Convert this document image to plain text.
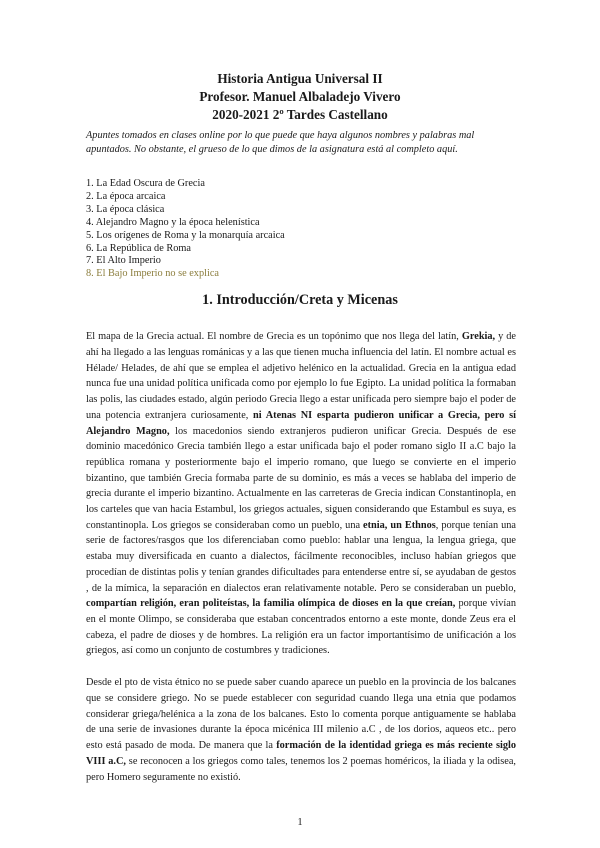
Historia Antigua Universal II
Profesor. Manuel Albaladejo Vivero
2020-2021 2º Tardes Castellano
Apuntes tomados en clases online por lo que puede que haya algunos nombres y palabras mal apuntados. No obstante, el grueso de lo que dimos de la asignatura está al completo aquí.
1. La Edad Oscura de Grecia
2. La época arcaica
3. La época clásica
4. Alejandro Magno y la época helenística
5. Los orígenes de Roma y la monarquía arcaica
6. La República de Roma
7. El Alto Imperio
8. El Bajo Imperio no se explica
1. Introducción/Creta y Micenas

El mapa de la Grecia actual. El nombre de Grecia es un topónimo que nos llega del latín, Grekia, y de ahí ha llegado a las lenguas románicas y a las que tienen mucha influencia del latín. El nombre actual es Hélade/ Helades, de ahí que se emplea el adjetivo helénico en la actualidad. Grecia en la antigua edad nunca fue una unidad política unificada como por ejemplo lo fue Egipto. La unidad política la formaban las polis, las ciudades estado, algún periodo Grecia llego a estar unificada pero siempre bajo el poder de una potencia extranjera curiosamente, ni Atenas NI esparta pudieron unificar a Grecia, pero sí Alejandro Magno, los macedonios siendo extranjeros pudieron unificar Grecia. Después de ese dominio macedónico Grecia también llego a estar unificada bajo el poder romano siglo II a.C bajo la república romana y posteriormente bajo el imperio romano, que luego se convierte en el imperio bizantino, que también Grecia formaba parte de su dominio, es más a veces se hablaba del imperio de grecia durante el imperio bizantino. Actualmente en las carreteras de Grecia indican Constantinopla, en los carteles que van hacia Estambul, los griegos actuales, siguen considerando que Estambul es suya, es constantinopla. Los griegos se consideraban como un pueblo, una etnia, un Ethnos, porque tenían una serie de factores/rasgos que los diferenciaban como pueblo: hablar una lengua, la lengua griega, que estaba muy diversificada en cuanto a dialectos, fácilmente reconocibles, incluso habían griegos que procedían de distintas polis y tenían grandes dificultades para entenderse entre sí, se ayudaban de gestos , de la mímica, la separación en dialectos eran relativamente notable. Pero se consideraban un pueblo, compartían religión, eran politeístas, la familia olímpica de dioses en la que creían, porque vivían en el monte Olimpo, se consideraba que estaban concentrados entorno a este monte, donde Zeus era el cabeza, el padre de dioses y de hombres. La religión era un factor importantísimo de unificación a los griegos, así como un conjunto de costumbres y tradiciones.

Desde el pto de vista étnico no se puede saber cuando aparece un pueblo en la provincia de los balcanes que se considere griego. No se puede establecer con seguridad cuando llega una etnia que podamos considerar griega/helénica a la zona de los balcanes. Esto lo comenta porque antiguamente se hablaba de una serie de invasiones durante la época micénica III milenio a.C , de los dorios, aqueos etc.. pero esto está pasado de moda. De manera que la formación de la identidad griega es más reciente siglo VIII a.C, se reconocen a los griegos como tales, tenemos los 2 poemas homéricos, la iliada y la odisea, pero Homero seguramente no existió.

1
